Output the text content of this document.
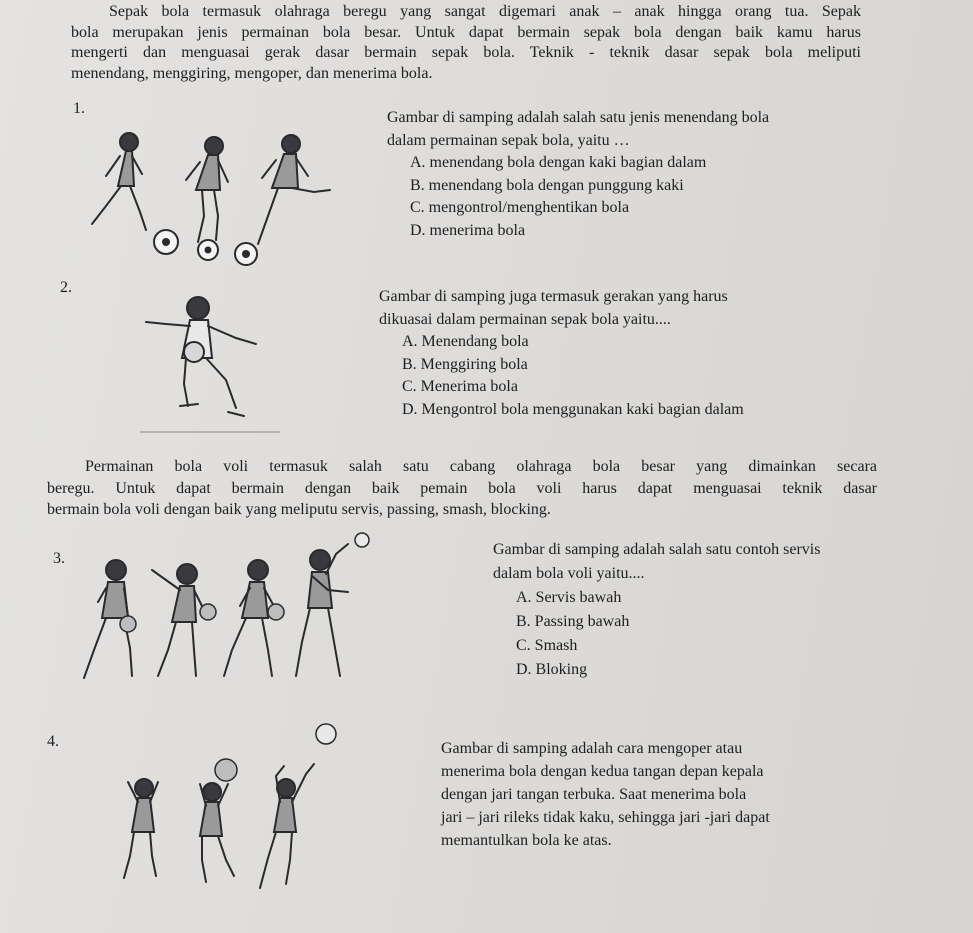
Sepak bola termasuk olahraga beregu yang sangat digemari anak – anak hingga orang tua. Sepak
bola merupakan jenis permainan bola besar. Untuk dapat bermain sepak bola dengan baik kamu harus
mengerti dan menguasai gerak dasar bermain sepak bola. Teknik - teknik dasar sepak bola meliputi
menendang, menggiring, mengoper, dan menerima bola.
1.
Gambar di samping adalah salah satu jenis menendang bola
dalam permainan sepak bola, yaitu …
A. menendang bola dengan kaki bagian dalam
B. menendang bola dengan punggung kaki
C. mengontrol/menghentikan bola
D. menerima bola
2.
Gambar di samping juga termasuk gerakan yang harus
dikuasai dalam permainan sepak bola yaitu....
A. Menendang bola
B. Menggiring bola
C. Menerima bola
D. Mengontrol bola menggunakan kaki bagian dalam
Permainan bola voli termasuk salah satu cabang olahraga bola besar yang dimainkan secara
beregu. Untuk dapat bermain dengan baik pemain bola voli harus dapat menguasai teknik dasar
bermain bola voli dengan baik yang meliputu servis, passing, smash, blocking.
3.
Gambar di samping adalah salah satu contoh servis
dalam bola voli yaitu....
A. Servis bawah
B. Passing bawah
C. Smash
D. Bloking
4.	Gambar di samping adalah cara mengoper atau
menerima bola dengan kedua tangan depan kepala
dengan jari tangan terbuka. Saat menerima bola
jari – jari rileks tidak kaku, sehingga jari -jari dapat
memantulkan bola ke atas.
